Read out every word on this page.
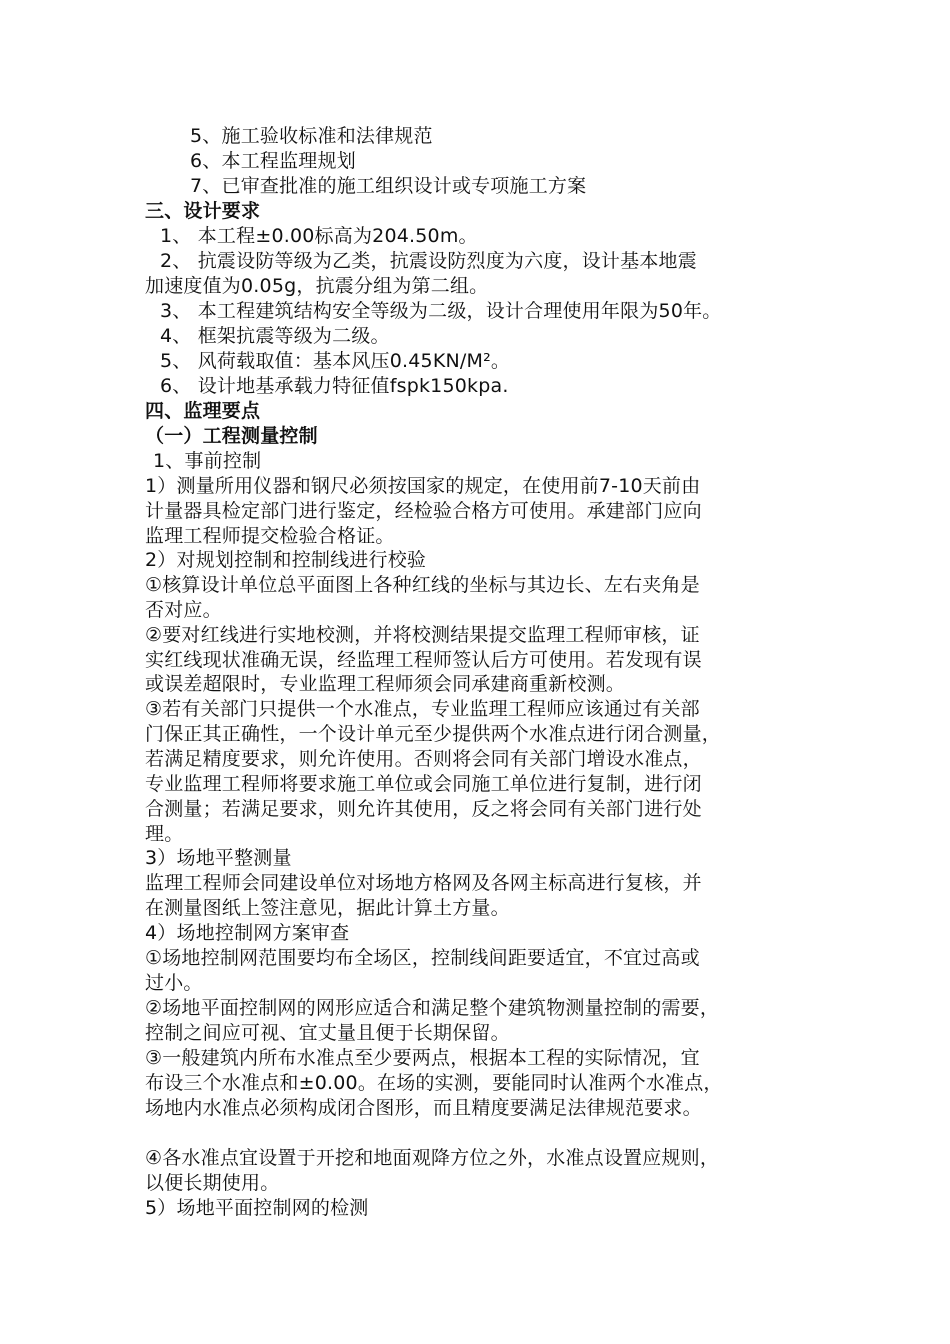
5、施工验收标准和法律规范
6、本工程监理规划
7、已审查批准的施工组织设计或专项施工方案
三、设计要求
1、 本工程±0.00标高为204.50m。
2、 抗震设防等级为乙类，抗震设防烈度为六度，设计基本地震
加速度值为0.05g，抗震分组为第二组。
3、 本工程建筑结构安全等级为二级，设计合理使用年限为50年。
4、 框架抗震等级为二级。
5、 风荷载取值：基本风压0.45KN/M²。
6、 设计地基承载力特征值fspk150kpa.
四、监理要点
（一）工程测量控制
1、事前控制
1）测量所用仪器和钢尺必须按国家的规定，在使用前7-10天前由
计量器具检定部门进行鉴定，经检验合格方可使用。承建部门应向
监理工程师提交检验合格证。
2）对规划控制和控制线进行校验
①核算设计单位总平面图上各种红线的坐标与其边长、左右夹角是
否对应。
②要对红线进行实地校测，并将校测结果提交监理工程师审核，证
实红线现状准确无误，经监理工程师签认后方可使用。若发现有误
或误差超限时，专业监理工程师须会同承建商重新校测。
③若有关部门只提供一个水准点，专业监理工程师应该通过有关部
门保正其正确性，一个设计单元至少提供两个水准点进行闭合测量，
若满足精度要求，则允许使用。否则将会同有关部门增设水准点，
专业监理工程师将要求施工单位或会同施工单位进行复制，进行闭
合测量；若满足要求，则允许其使用，反之将会同有关部门进行处
理。
3）场地平整测量
监理工程师会同建设单位对场地方格网及各网主标高进行复核，并
在测量图纸上签注意见，据此计算土方量。
4）场地控制网方案审查
①场地控制网范围要均布全场区，控制线间距要适宜，不宜过高或
过小。
②场地平面控制网的网形应适合和满足整个建筑物测量控制的需要，
控制之间应可视、宜丈量且便于长期保留。
③一般建筑内所布水准点至少要两点，根据本工程的实际情况，宜
布设三个水准点和±0.00。在场的实测，要能同时认准两个水准点，
场地内水准点必须构成闭合图形，而且精度要满足法律规范要求。
④各水准点宜设置于开挖和地面观降方位之外，水准点设置应规则，
以便长期使用。
5）场地平面控制网的检测
